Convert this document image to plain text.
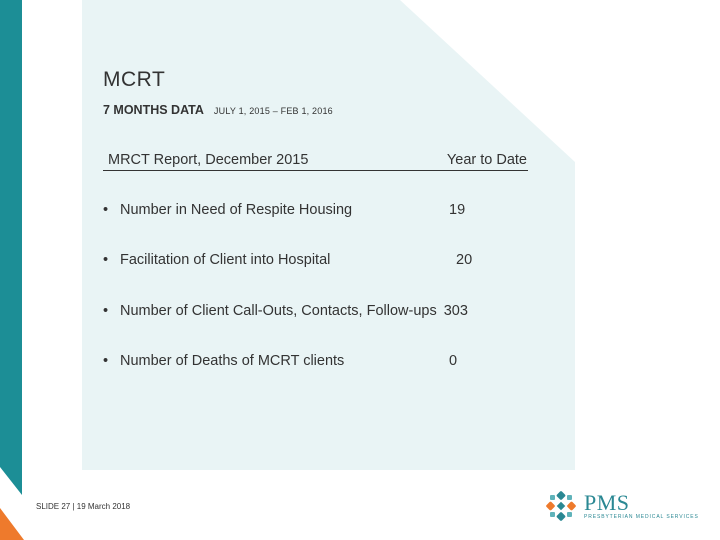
MCRT
7 MONTHS DATA JULY 1, 2015 – FEB 1, 2016
MRCT Report, December 2015	Year to Date
• Number in Need of Respite Housing	19
• Facilitation of Client into Hospital	20
• Number of Client Call-Outs, Contacts, Follow-ups 303
• Number of Deaths of MCRT clients	0
SLIDE 27 | 19 March 2018	PMS
PRESBYTERIAN MEDICAL SERVICES
